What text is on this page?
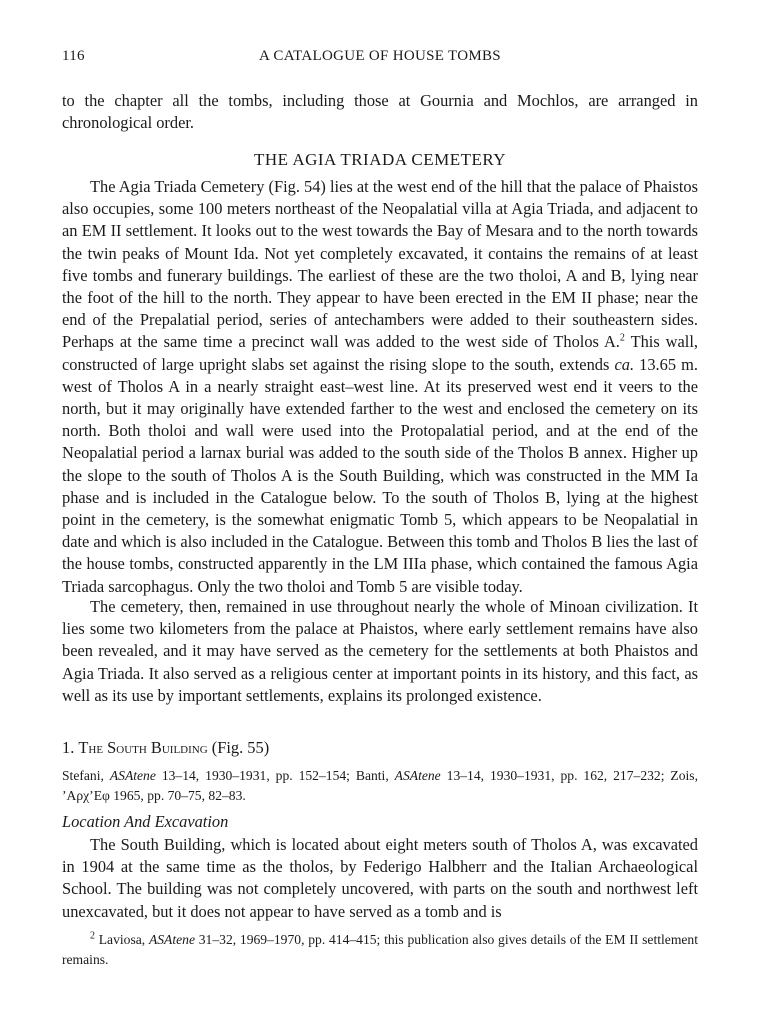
116	A CATALOGUE OF HOUSE TOMBS

to the chapter all the tombs, including those at Gournia and Mochlos, are arranged in chronological order.

THE AGIA TRIADA CEMETERY

The Agia Triada Cemetery (Fig. 54) lies at the west end of the hill that the palace of Phaistos also occupies, some 100 meters northeast of the Neopalatial villa at Agia Triada, and adjacent to an EM II settlement. It looks out to the west towards the Bay of Mesara and to the north towards the twin peaks of Mount Ida. Not yet completely excavated, it contains the remains of at least five tombs and funerary buildings. The earliest of these are the two tholoi, A and B, lying near the foot of the hill to the north. They appear to have been erected in the EM II phase; near the end of the Prepalatial period, series of antechambers were added to their southeastern sides. Perhaps at the same time a precinct wall was added to the west side of Tholos A.$^2$ This wall, constructed of large upright slabs set against the rising slope to the south, extends ca. 13.65 m. west of Tholos A in a nearly straight east–west line. At its preserved west end it veers to the north, but it may originally have extended farther to the west and enclosed the cemetery on its north. Both tholoi and wall were used into the Protopalatial period, and at the end of the Neopalatial period a larnax burial was added to the south side of the Tholos B annex. Higher up the slope to the south of Tholos A is the South Building, which was constructed in the MM Ia phase and is included in the Catalogue below. To the south of Tholos B, lying at the highest point in the cemetery, is the somewhat enigmatic Tomb 5, which appears to be Neopalatial in date and which is also included in the Catalogue. Between this tomb and Tholos B lies the last of the house tombs, constructed apparently in the LM IIIa phase, which contained the famous Agia Triada sarcophagus. Only the two tholoi and Tomb 5 are visible today.

The cemetery, then, remained in use throughout nearly the whole of Minoan civilization. It lies some two kilometers from the palace at Phaistos, where early settlement remains have also been revealed, and it may have served as the cemetery for the settlements at both Phaistos and Agia Triada. It also served as a religious center at important points in its history, and this fact, as well as its use by important settlements, explains its prolonged existence.

1. The South Building (Fig. 55)

Stefani, ASAtene 13–14, 1930–1931, pp. 152–154; Banti, ASAtene 13–14, 1930–1931, pp. 162, 217–232; Zois, ’Αρχ’Εφ 1965, pp. 70–75, 82–83.

Location And Excavation

The South Building, which is located about eight meters south of Tholos A, was excavated in 1904 at the same time as the tholos, by Federigo Halbherr and the Italian Archaeological School. The building was not completely uncovered, with parts on the south and northwest left unexcavated, but it does not appear to have served as a tomb and is

$^2$ Laviosa, ASAtene 31–32, 1969–1970, pp. 414–415; this publication also gives details of the EM II settlement remains.
